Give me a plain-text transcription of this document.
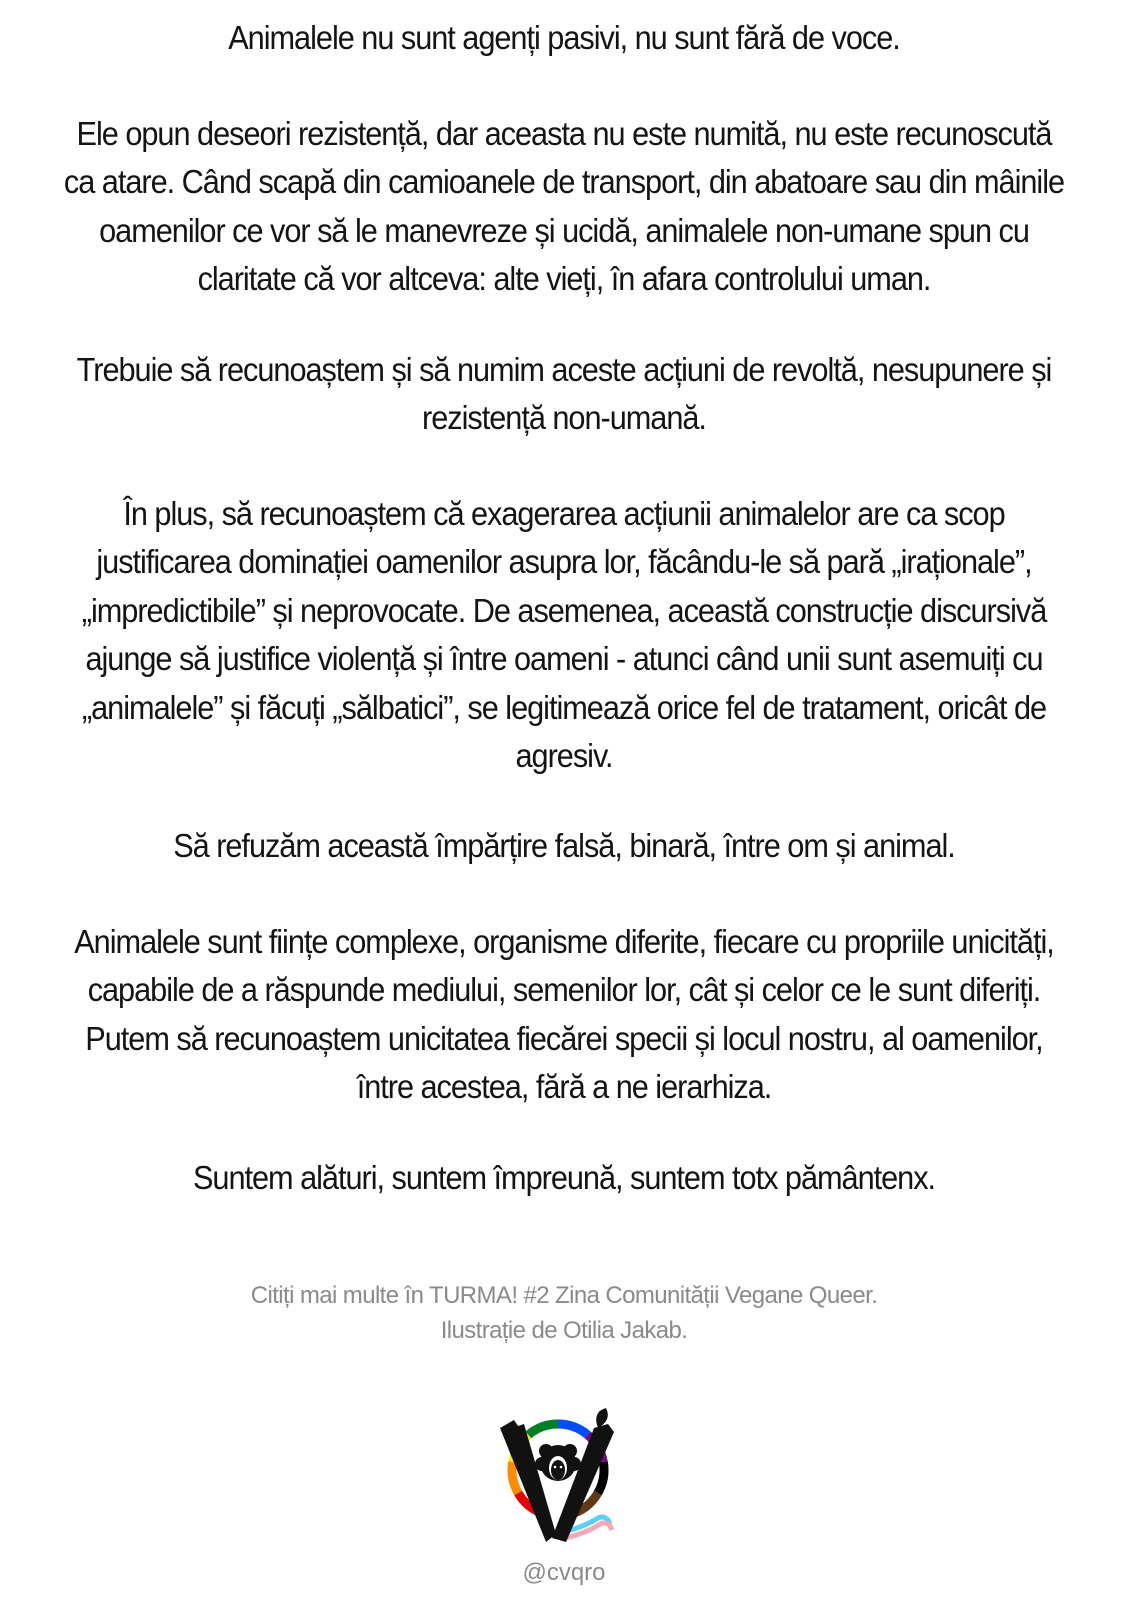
Animalele nu sunt agenți pasivi, nu sunt fără de voce.

Ele opun deseori rezistență, dar aceasta nu este numită, nu este recunoscută ca atare. Când scapă din camioanele de transport, din abatoare sau din mâinile oamenilor ce vor să le manevreze și ucidă, animalele non-umane spun cu claritate că vor altceva: alte vieți, în afara controlului uman.

Trebuie să recunoaștem și să numim aceste acțiuni de revoltă, nesupunere și rezistență non-umană.

În plus, să recunoaștem că exagerarea acțiunii animalelor are ca scop justificarea dominației oamenilor asupra lor, făcându-le să pară „iraționale”, „impredictibile” și neprovocate. De asemenea, această construcție discursivă ajunge să justifice violență și între oameni - atunci când unii sunt asemuiți cu „animalele” și făcuți „sălbatici”, se legitimează orice fel de tratament, oricât de agresiv.

Să refuzăm această împărțire falsă, binară, între om și animal.

Animalele sunt ființe complexe, organisme diferite, fiecare cu propriile unicități, capabile de a răspunde mediului, semenilor lor, cât și celor ce le sunt diferiți. Putem să recunoaștem unicitatea fiecărei specii și locul nostru, al oamenilor, între acestea, fără a ne ierarhiza.

Suntem alături, suntem împreună, suntem totx pământenx.

Citiți mai multe în TURMA! #2 Zina Comunității Vegane Queer.
Ilustrație de Otilia Jakab.
@cvqro
